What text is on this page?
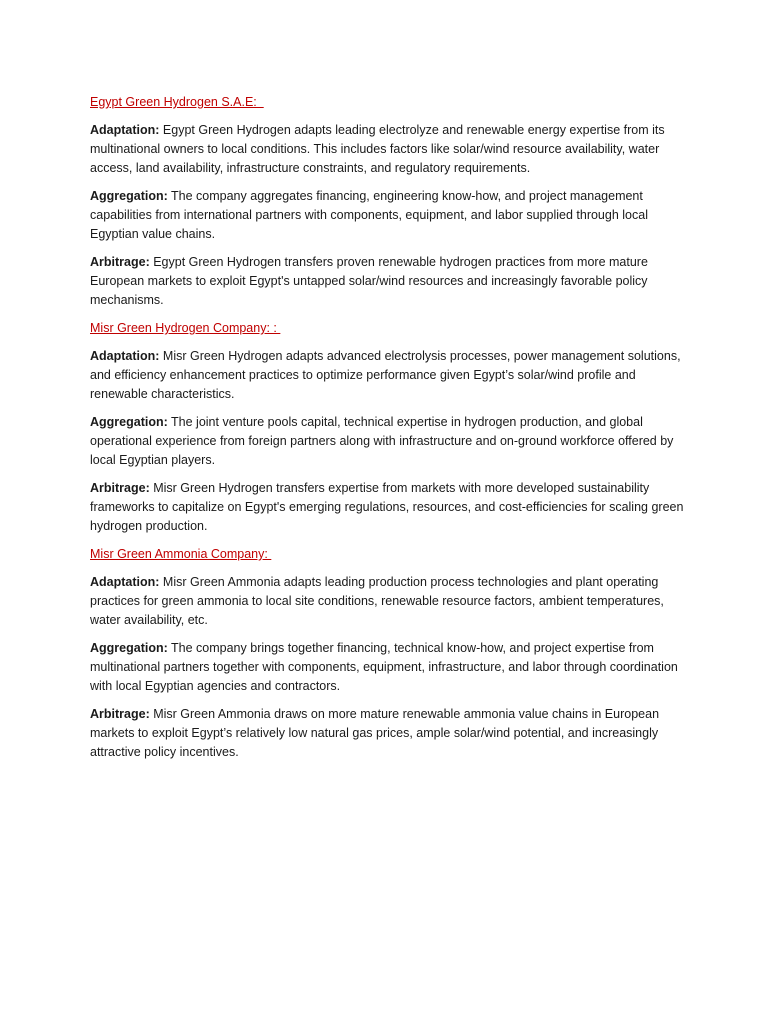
Egypt Green Hydrogen S.A.E:

Adaptation: Egypt Green Hydrogen adapts leading electrolyze and renewable energy expertise from its multinational owners to local conditions. This includes factors like solar/wind resource availability, water access, land availability, infrastructure constraints, and regulatory requirements.

Aggregation: The company aggregates financing, engineering know-how, and project management capabilities from international partners with components, equipment, and labor supplied through local Egyptian value chains.

Arbitrage: Egypt Green Hydrogen transfers proven renewable hydrogen practices from more mature European markets to exploit Egypt's untapped solar/wind resources and increasingly favorable policy mechanisms.

Misr Green Hydrogen Company: :

Adaptation: Misr Green Hydrogen adapts advanced electrolysis processes, power management solutions, and efficiency enhancement practices to optimize performance given Egypt’s solar/wind profile and renewable characteristics.

Aggregation: The joint venture pools capital, technical expertise in hydrogen production, and global operational experience from foreign partners along with infrastructure and on-ground workforce offered by local Egyptian players.

Arbitrage: Misr Green Hydrogen transfers expertise from markets with more developed sustainability frameworks to capitalize on Egypt's emerging regulations, resources, and cost-efficiencies for scaling green hydrogen production.

Misr Green Ammonia Company:

Adaptation: Misr Green Ammonia adapts leading production process technologies and plant operating practices for green ammonia to local site conditions, renewable resource factors, ambient temperatures, water availability, etc.

Aggregation: The company brings together financing, technical know-how, and project expertise from multinational partners together with components, equipment, infrastructure, and labor through coordination with local Egyptian agencies and contractors.

Arbitrage: Misr Green Ammonia draws on more mature renewable ammonia value chains in European markets to exploit Egypt’s relatively low natural gas prices, ample solar/wind potential, and increasingly attractive policy incentives.
